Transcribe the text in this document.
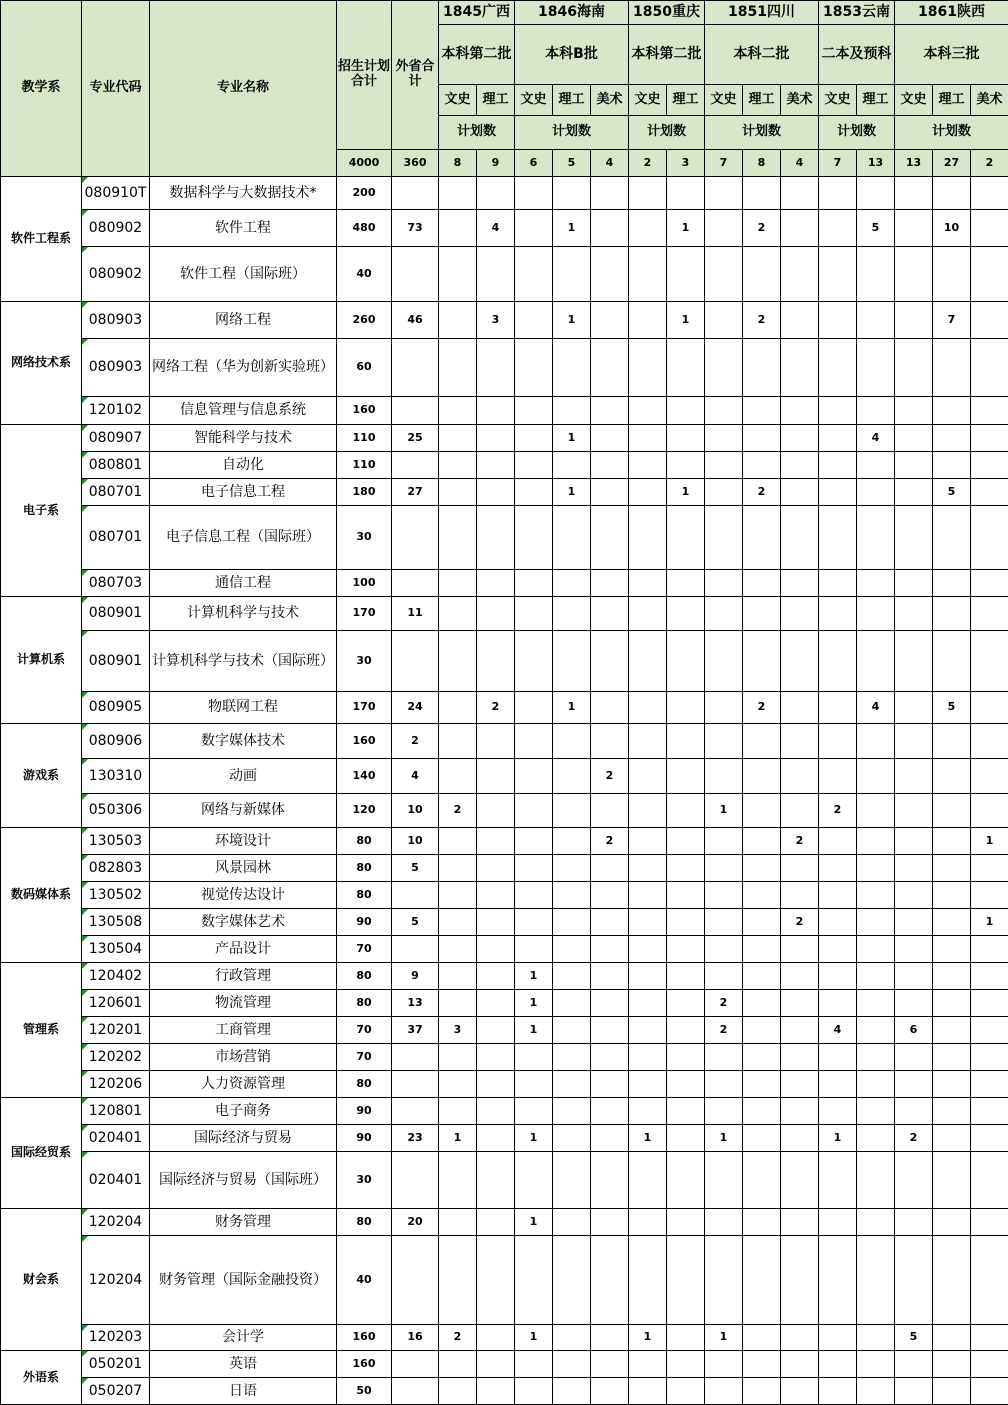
教学系	专业代码	专业名称	招生计划合计	外省合计	1845广西		1846海南			1850重庆		1851四川			1853云南		1861陕西		
					本科第二批		本科B批			本科第二批		本科二批			二本及预科		本科三批		
					文史	理工	文史	理工	美术	文史	理工	文史	理工	美术	文史	理工	文史	理工	美术
					计划数		计划数			计划数		计划数			计划数		计划数		
			4000	360	8	9	6	5	4	2	3	7	8	4	7	13	13	27	2
软件工程系	080910T	数据科学与大数据技术*	200																
	080902	软件工程	480	73		4		1			1		2			5		10	
	080902	软件工程（国际班）	40																
网络技术系	080903	网络工程	260	46		3		1			1		2					7	
	080903	网络工程（华为创新实验班）	60																
	120102	信息管理与信息系统	160																
电子系	080907	智能科学与技术	110	25				1								4			
	080801	自动化	110																
	080701	电子信息工程	180	27				1			1		2					5	
	080701	电子信息工程（国际班）	30																
	080703	通信工程	100																
计算机系	080901	计算机科学与技术	170	11															
	080901	计算机科学与技术（国际班）	30																
	080905	物联网工程	170	24		2		1					2			4		5	
游戏系	080906	数字媒体技术	160	2															
	130310	动画	140	4					2										
	050306	网络与新媒体	120	10	2							1			2				
数码媒体系	130503	环境设计	80	10					2					2					1
	082803	风景园林	80	5															
	130502	视觉传达设计	80																
	130508	数字媒体艺术	90	5										2					1
	130504	产品设计	70																
管理系	120402	行政管理	80	9			1												
	120601	物流管理	80	13			1					2							
	120201	工商管理	70	37	3		1					2			4		6		
	120202	市场营销	70																
	120206	人力资源管理	80																
国际经贸系	120801	电子商务	90																
	020401	国际经济与贸易	90	23	1		1			1		1			1		2		
	020401	国际经济与贸易（国际班）	30																
财会系	120204	财务管理	80	20			1												
	120204	财务管理（国际金融投资）	40																
	120203	会计学	160	16	2		1			1		1					5		
外语系	050201	英语	160																
	050207	日语	50																
